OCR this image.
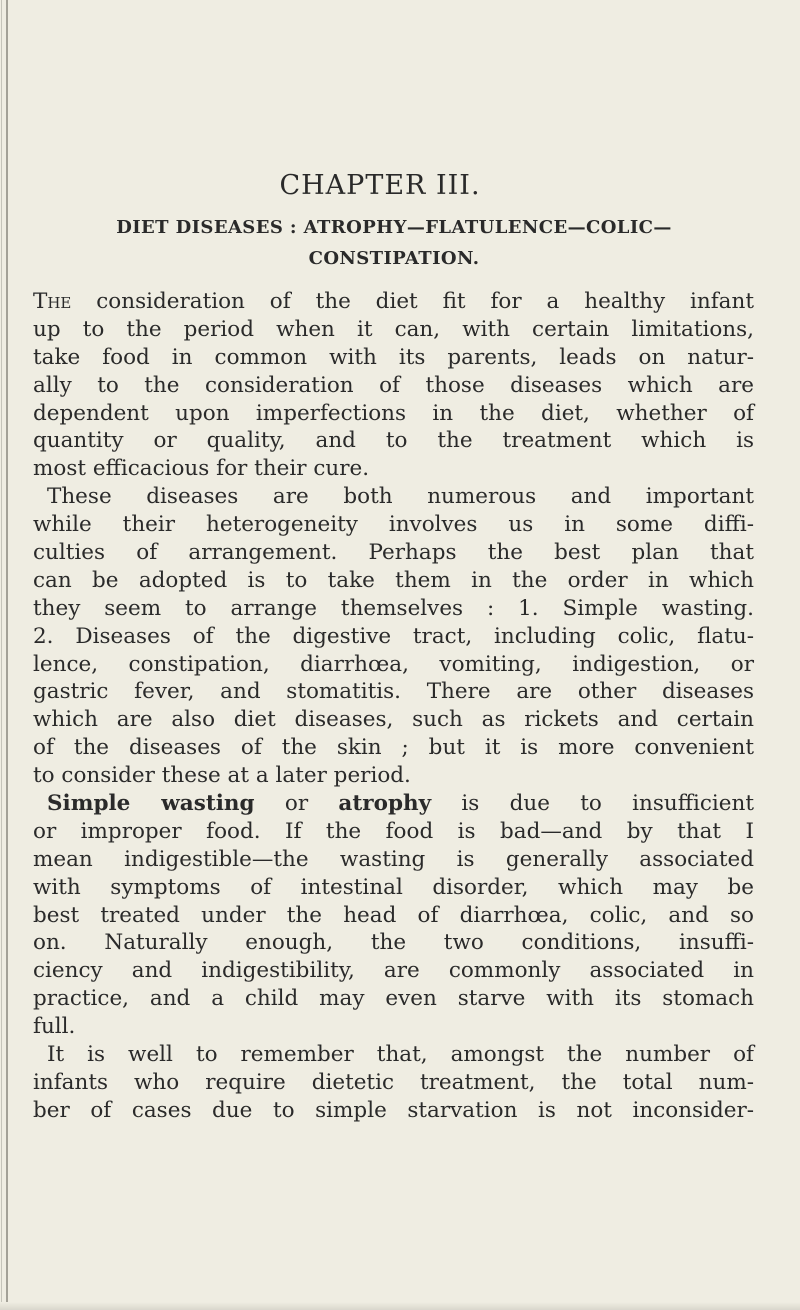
CHAPTER III.
DIET DISEASES : ATROPHY—FLATULENCE—COLIC—
CONSTIPATION.
The consideration of the diet fit for a healthy infant
up to the period when it can, with certain limitations,
take food in common with its parents, leads on natur-
ally to the consideration of those diseases which are
dependent upon imperfections in the diet, whether of
quantity or quality, and to the treatment which is
most efficacious for their cure.
These diseases are both numerous and important
while their heterogeneity involves us in some diffi-
culties of arrangement. Perhaps the best plan that
can be adopted is to take them in the order in which
they seem to arrange themselves : 1. Simple wasting.
2. Diseases of the digestive tract, including colic, flatu-
lence, constipation, diarrhœa, vomiting, indigestion, or
gastric fever, and stomatitis. There are other diseases
which are also diet diseases, such as rickets and certain
of the diseases of the skin ; but it is more convenient
to consider these at a later period.
Simple wasting or atrophy is due to insufficient
or improper food. If the food is bad—and by that I
mean indigestible—the wasting is generally associated
with symptoms of intestinal disorder, which may be
best treated under the head of diarrhœa, colic, and so
on. Naturally enough, the two conditions, insuffi-
ciency and indigestibility, are commonly associated in
practice, and a child may even starve with its stomach
full.
It is well to remember that, amongst the number of
infants who require dietetic treatment, the total num-
ber of cases due to simple starvation is not inconsider-
